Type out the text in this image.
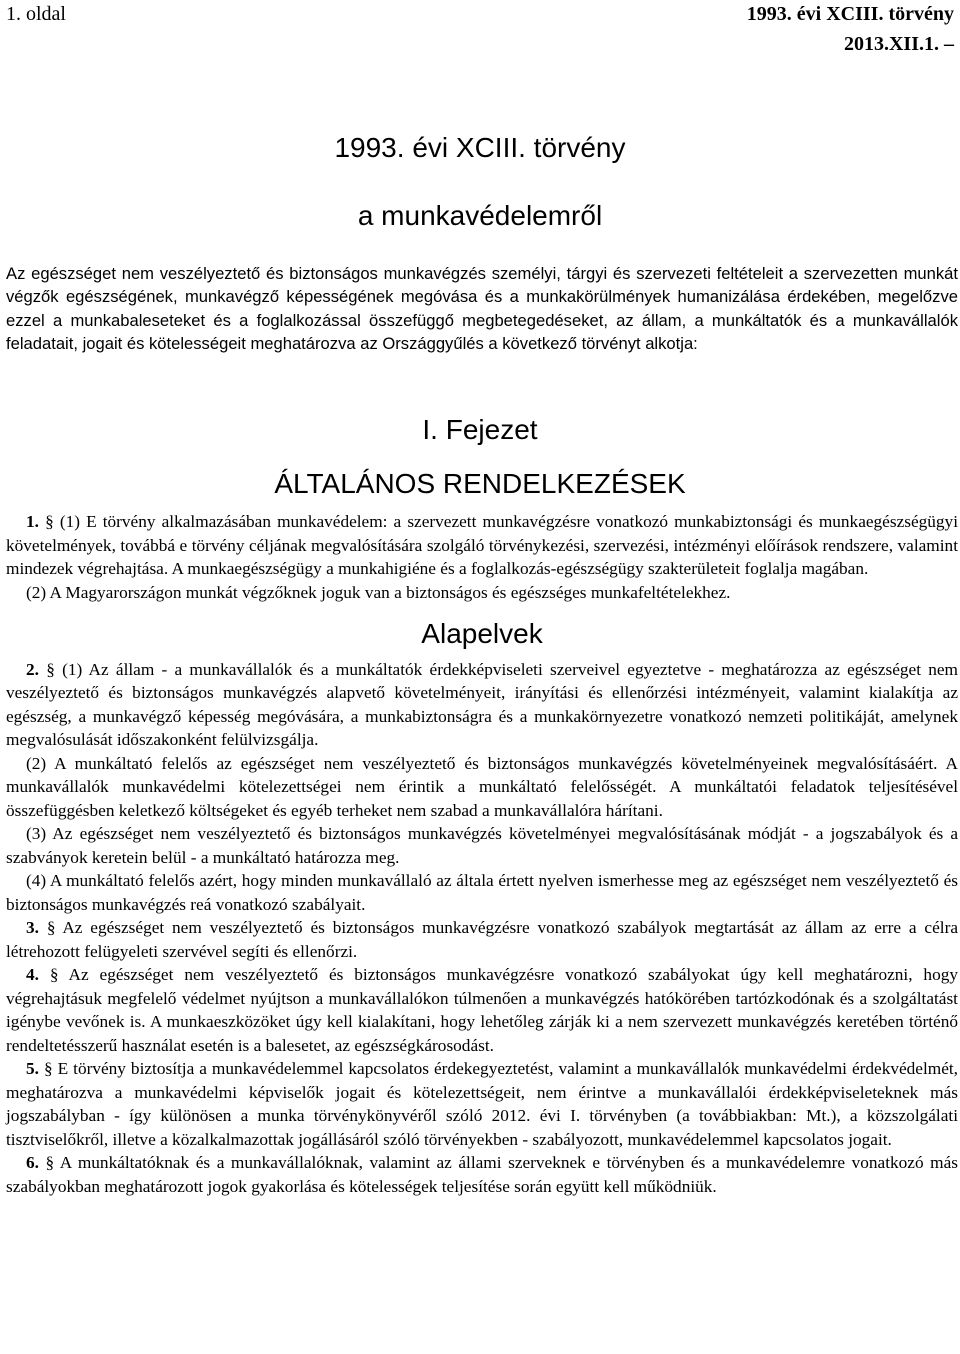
1. oldal	1993. évi XCIII. törvény
2013.XII.1. –
1993. évi XCIII. törvény
a munkavédelemről
Az egészséget nem veszélyeztető és biztonságos munkavégzés személyi, tárgyi és szervezeti feltételeit a szervezetten munkát végzők egészségének, munkavégző képességének megóvása és a munkakörülmények humanizálása érdekében, megelőzve ezzel a munkabaleseteket és a foglalkozással összefüggő megbetegedéseket, az állam, a munkáltatók és a munkavállalók feladatait, jogait és kötelességeit meghatározva az Országgyűlés a következő törvényt alkotja:
I. Fejezet
ÁLTALÁNOS RENDELKEZÉSEK

1. § (1) E törvény alkalmazásában munkavédelem: a szervezett munkavégzésre vonatkozó munkabiztonsági és munkaegészségügyi követelmények, továbbá e törvény céljának megvalósítására szolgáló törvénykezési, szervezési, intézményi előírások rendszere, valamint mindezek végrehajtása. A munkaegészségügy a munkahigiéne és a foglalkozás-egészségügy szakterületeit foglalja magában.

(2) A Magyarországon munkát végzőknek joguk van a biztonságos és egészséges munkafeltételekhez.

Alapelvek

2. § (1) Az állam - a munkavállalók és a munkáltatók érdekképviseleti szerveivel egyeztetve - meghatározza az egészséget nem veszélyeztető és biztonságos munkavégzés alapvető követelményeit, irányítási és ellenőrzési intézményeit, valamint kialakítja az egészség, a munkavégző képesség megóvására, a munkabiztonságra és a munkakörnyezetre vonatkozó nemzeti politikáját, amelynek megvalósulását időszakonként felülvizsgálja.

(2) A munkáltató felelős az egészséget nem veszélyeztető és biztonságos munkavégzés követelményeinek megvalósításáért. A munkavállalók munkavédelmi kötelezettségei nem érintik a munkáltató felelősségét. A munkáltatói feladatok teljesítésével összefüggésben keletkező költségeket és egyéb terheket nem szabad a munkavállalóra hárítani.

(3) Az egészséget nem veszélyeztető és biztonságos munkavégzés követelményei megvalósításának módját - a jogszabályok és a szabványok keretein belül - a munkáltató határozza meg.

(4) A munkáltató felelős azért, hogy minden munkavállaló az általa értett nyelven ismerhesse meg az egészséget nem veszélyeztető és biztonságos munkavégzés reá vonatkozó szabályait.

3. § Az egészséget nem veszélyeztető és biztonságos munkavégzésre vonatkozó szabályok megtartását az állam az erre a célra létrehozott felügyeleti szervével segíti és ellenőrzi.

4. § Az egészséget nem veszélyeztető és biztonságos munkavégzésre vonatkozó szabályokat úgy kell meghatározni, hogy végrehajtásuk megfelelő védelmet nyújtson a munkavállalókon túlmenően a munkavégzés hatókörében tartózkodónak és a szolgáltatást igénybe vevőnek is. A munkaeszközöket úgy kell kialakítani, hogy lehetőleg zárják ki a nem szervezett munkavégzés keretében történő rendeltetésszerű használat esetén is a balesetet, az egészségkárosodást.

5. § E törvény biztosítja a munkavédelemmel kapcsolatos érdekegyeztetést, valamint a munkavállalók munkavédelmi érdekvédelmét, meghatározva a munkavédelmi képviselők jogait és kötelezettségeit, nem érintve a munkavállalói érdekképviseleteknek más jogszabályban - így különösen a munka törvénykönyvéről szóló 2012. évi I. törvényben (a továbbiakban: Mt.), a közszolgálati tisztviselőkről, illetve a közalkalmazottak jogállásáról szóló törvényekben - szabályozott, munkavédelemmel kapcsolatos jogait.

6. § A munkáltatóknak és a munkavállalóknak, valamint az állami szerveknek e törvényben és a munkavédelemre vonatkozó más szabályokban meghatározott jogok gyakorlása és kötelességek teljesítése során együtt kell működniük.
